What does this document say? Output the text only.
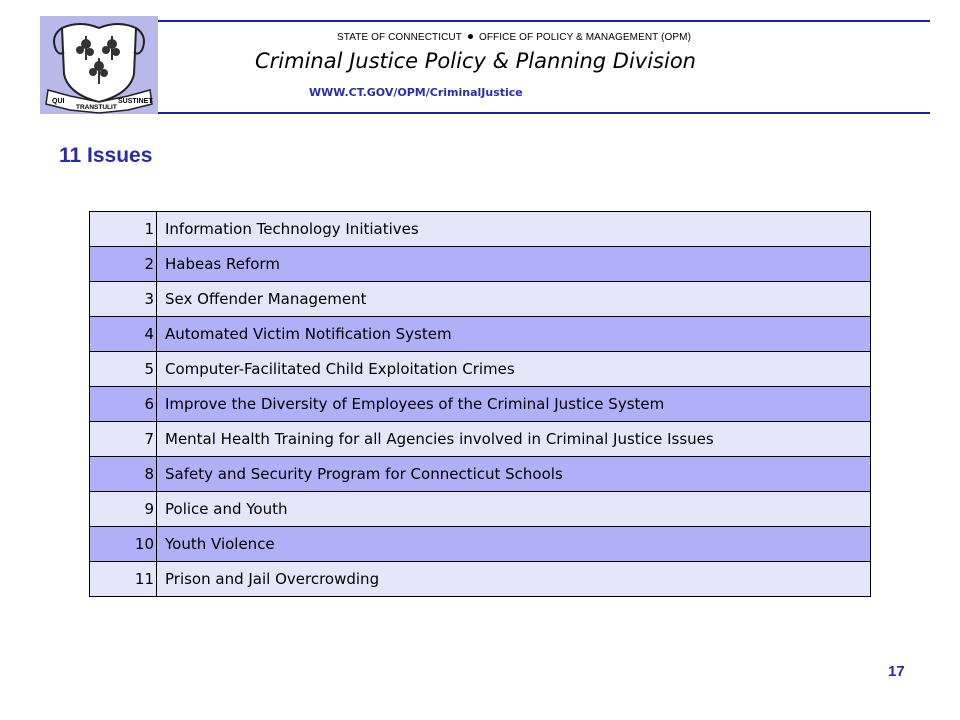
QUI
TRANSTULIT
SUSTINET
STATE OF CONNECTICUT OFFICE OF POLICY & MANAGEMENT (OPM)
Criminal Justice Policy & Planning Division
WWW.CT.GOV/OPM/CriminalJustice
11 Issues
1	Information Technology Initiatives
2	Habeas Reform
3	Sex Offender Management
4	Automated Victim Notification System
5	Computer-Facilitated Child Exploitation Crimes
6	Improve the Diversity of Employees of the Criminal Justice System
7	Mental Health Training for all Agencies involved in Criminal Justice Issues
8	Safety and Security Program for Connecticut Schools
9	Police and Youth
10	Youth Violence
11	Prison and Jail Overcrowding
17
